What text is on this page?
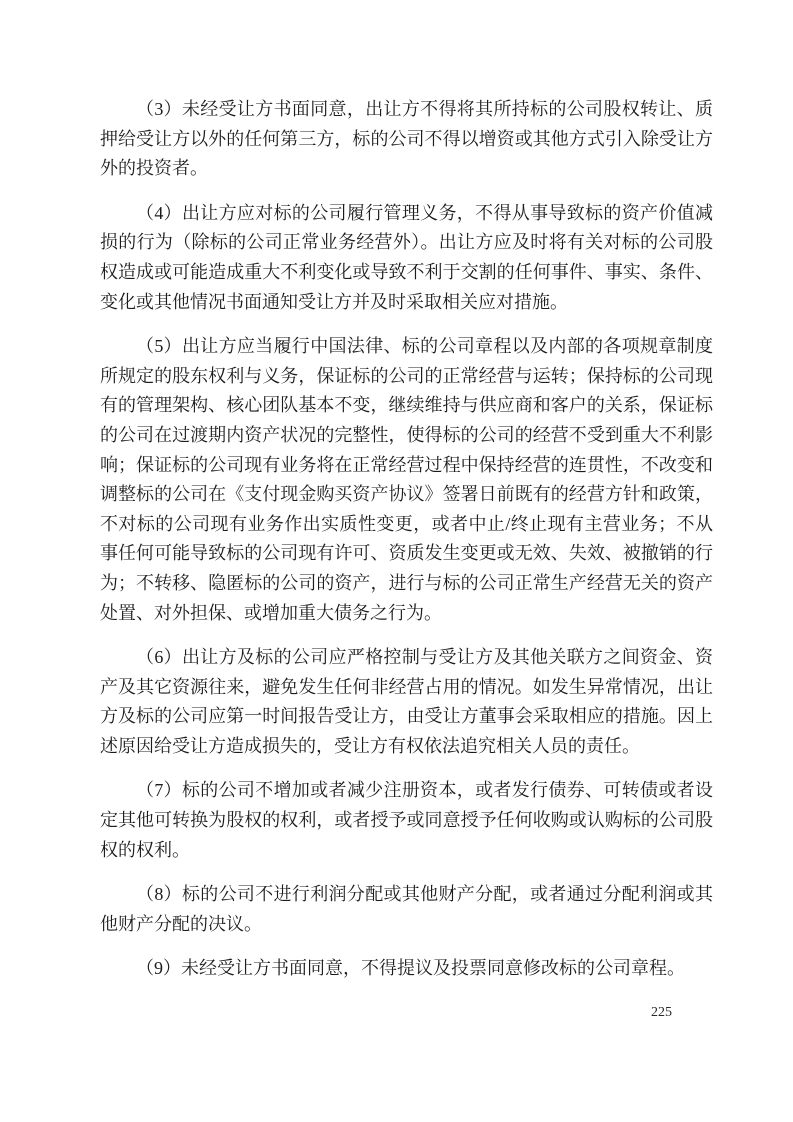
（3）未经受让方书面同意，出让方不得将其所持标的公司股权转让、质押给受让方以外的任何第三方，标的公司不得以增资或其他方式引入除受让方外的投资者。

（4）出让方应对标的公司履行管理义务，不得从事导致标的资产价值减损的行为（除标的公司正常业务经营外）。出让方应及时将有关对标的公司股权造成或可能造成重大不利变化或导致不利于交割的任何事件、事实、条件、变化或其他情况书面通知受让方并及时采取相关应对措施。

（5）出让方应当履行中国法律、标的公司章程以及内部的各项规章制度所规定的股东权利与义务，保证标的公司的正常经营与运转；保持标的公司现有的管理架构、核心团队基本不变，继续维持与供应商和客户的关系，保证标的公司在过渡期内资产状况的完整性，使得标的公司的经营不受到重大不利影响；保证标的公司现有业务将在正常经营过程中保持经营的连贯性，不改变和调整标的公司在《支付现金购买资产协议》签署日前既有的经营方针和政策，不对标的公司现有业务作出实质性变更，或者中止/终止现有主营业务；不从事任何可能导致标的公司现有许可、资质发生变更或无效、失效、被撤销的行为；不转移、隐匿标的公司的资产，进行与标的公司正常生产经营无关的资产处置、对外担保、或增加重大债务之行为。

（6）出让方及标的公司应严格控制与受让方及其他关联方之间资金、资产及其它资源往来，避免发生任何非经营占用的情况。如发生异常情况，出让方及标的公司应第一时间报告受让方，由受让方董事会采取相应的措施。因上述原因给受让方造成损失的，受让方有权依法追究相关人员的责任。

（7）标的公司不增加或者减少注册资本，或者发行债券、可转债或者设定其他可转换为股权的权利，或者授予或同意授予任何收购或认购标的公司股权的权利。

（8）标的公司不进行利润分配或其他财产分配，或者通过分配利润或其他财产分配的决议。

（9）未经受让方书面同意，不得提议及投票同意修改标的公司章程。

225
